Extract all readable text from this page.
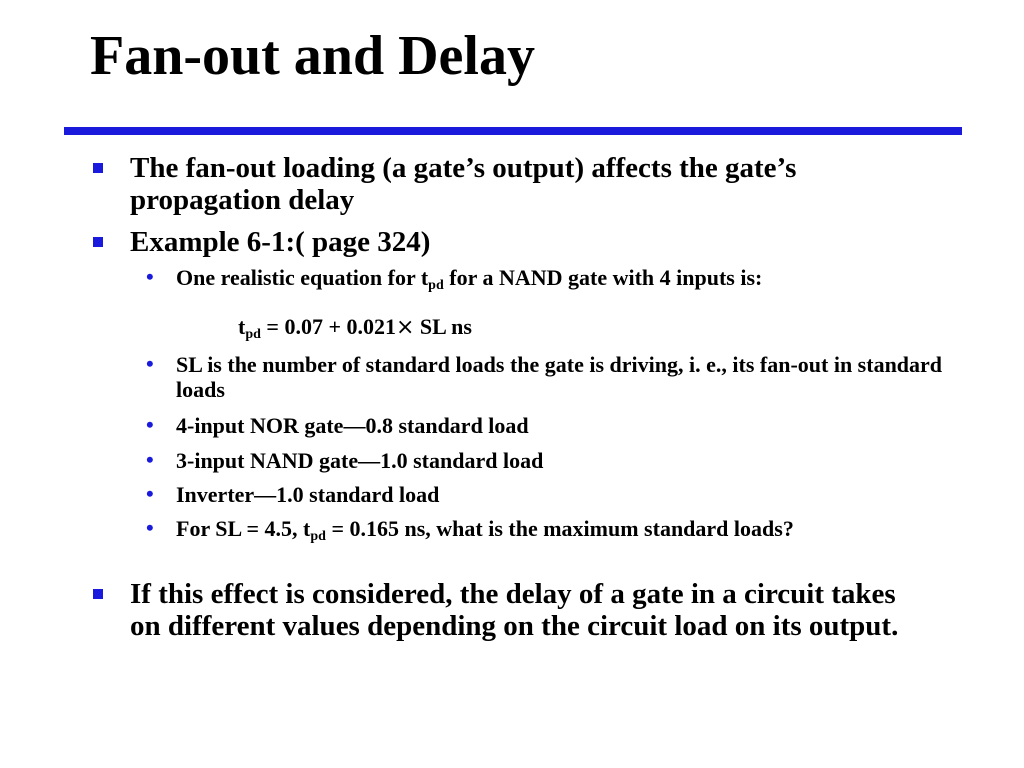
Fan-out and Delay
The fan-out loading (a gate’s output) affects the gate’s propagation delay
Example 6-1:( page 324)
• One realistic equation for $t_{pd}$ for a NAND gate with 4 inputs is:
$t_{pd} = 0.07 + 0.021\times$ SL ns
• SL is the number of standard loads the gate is driving, i. e., its fan-out in standard loads
• 4-input NOR gate—0.8 standard load
• 3-input NAND gate—1.0 standard load
• Inverter—1.0 standard load
• For SL = 4.5, $t_{pd} = 0.165$ ns, what is the maximum standard loads?
If this effect is considered, the delay of a gate in a circuit takes on different values depending on the circuit load on its output.
